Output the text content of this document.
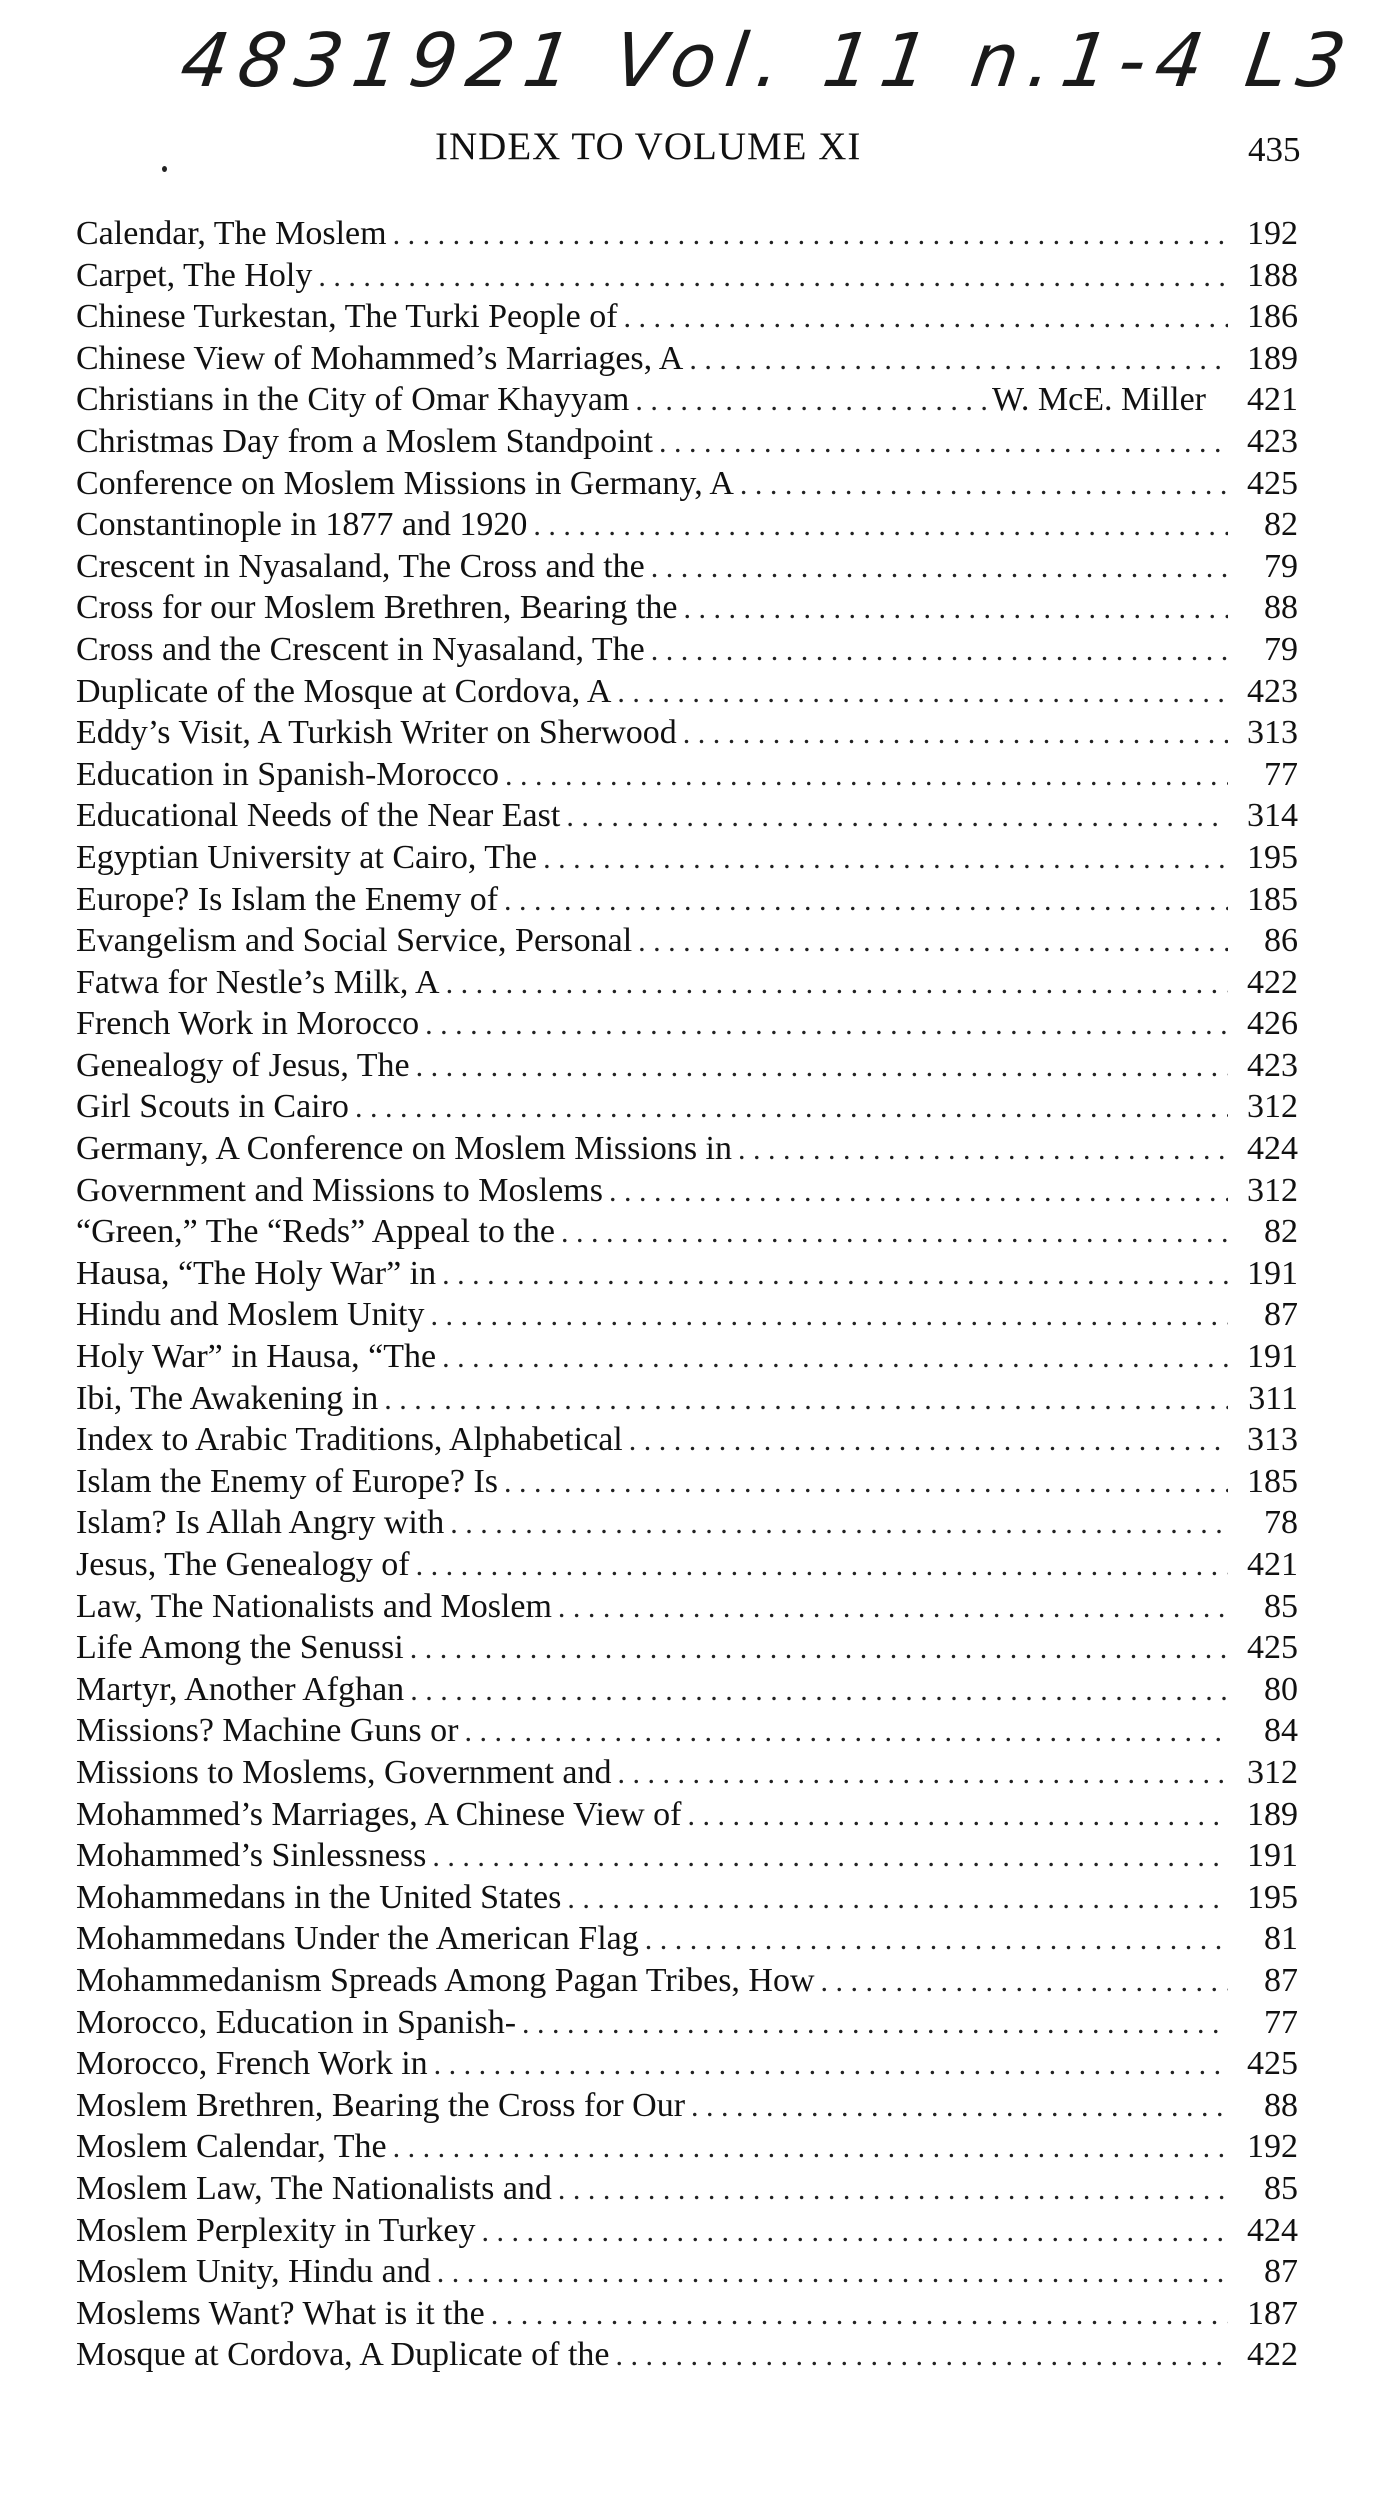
4831921 Vol. 11 n.1-4 L3
INDEX TO VOLUME XI	435
Calendar, The Moslem . . .	192
Carpet, The Holy . . .	188
Chinese Turkestan, The Turki People of . . .	186
Chinese View of Mohammed’s Marriages, A . . .	189
Christians in the City of Omar Khayyam . . .	W. McE. Miller	421
Christmas Day from a Moslem Standpoint . . .	423
Conference on Moslem Missions in Germany, A . . .	425
Constantinople in 1877 and 1920 . . .	82
Crescent in Nyasaland, The Cross and the . . .	79
Cross for our Moslem Brethren, Bearing the . . .	88
Cross and the Crescent in Nyasaland, The . . .	79
Duplicate of the Mosque at Cordova, A . . .	423
Eddy’s Visit, A Turkish Writer on Sherwood . . .	313
Education in Spanish-Morocco . . .	77
Educational Needs of the Near East . . .	314
Egyptian University at Cairo, The . . .	195
Europe? Is Islam the Enemy of . . .	185
Evangelism and Social Service, Personal . . .	86
Fatwa for Nestle’s Milk, A . . .	422
French Work in Morocco . . .	426
Genealogy of Jesus, The . . .	423
Girl Scouts in Cairo . . .	312
Germany, A Conference on Moslem Missions in . . .	424
Government and Missions to Moslems . . .	312
“Green,” The “Reds” Appeal to the . . .	82
Hausa, “The Holy War” in . . .	191
Hindu and Moslem Unity . . .	87
Holy War” in Hausa, “The . . .	191
Ibi, The Awakening in . . .	311
Index to Arabic Traditions, Alphabetical . . .	313
Islam the Enemy of Europe? Is . . .	185
Islam? Is Allah Angry with . . .	78
Jesus, The Genealogy of . . .	421
Law, The Nationalists and Moslem . . .	85
Life Among the Senussi . . .	425
Martyr, Another Afghan . . .	80
Missions? Machine Guns or . . .	84
Missions to Moslems, Government and . . .	312
Mohammed’s Marriages, A Chinese View of . . .	189
Mohammed’s Sinlessness . . .	191
Mohammedans in the United States . . .	195
Mohammedans Under the American Flag . . .	81
Mohammedanism Spreads Among Pagan Tribes, How . . .	87
Morocco, Education in Spanish- . . .	77
Morocco, French Work in . . .	425
Moslem Brethren, Bearing the Cross for Our . . .	88
Moslem Calendar, The . . .	192
Moslem Law, The Nationalists and . . .	85
Moslem Perplexity in Turkey . . .	424
Moslem Unity, Hindu and . . .	87
Moslems Want? What is it the . . .	187
Mosque at Cordova, A Duplicate of the . . .	422
